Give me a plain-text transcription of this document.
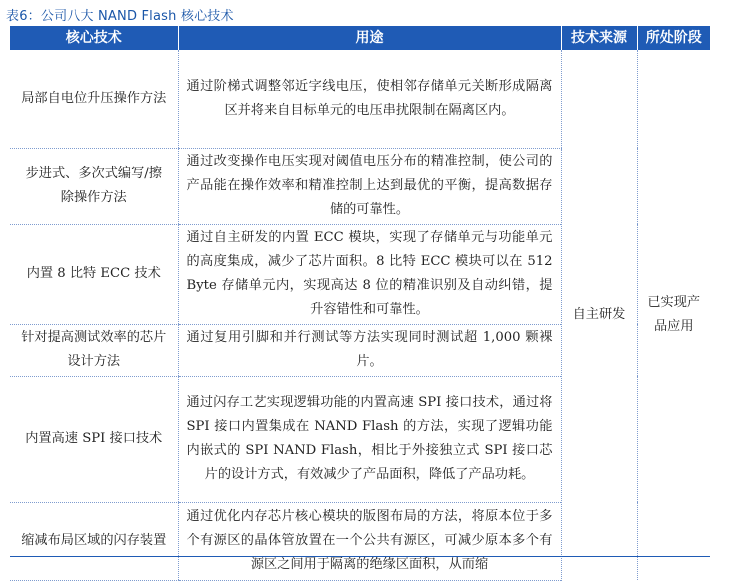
表6：公司八大 NAND Flash 核心技术
核心技术	用途	技术来源	所处阶段
局部自电位升压操作方法	通过阶梯式调整邻近字线电压，使相邻存储单元关断形成隔离区并将来自目标单元的电压串扰限制在隔离区内。	自主研发	已实现产品应用
步进式、多次式编写/擦除操作方法	通过改变操作电压实现对阈值电压分布的精准控制，使公司的产品能在操作效率和精准控制上达到最优的平衡，提高数据存储的可靠性。		
内置 8 比特 ECC 技术	通过自主研发的内置 ECC 模块，实现了存储单元与功能单元的高度集成，减少了芯片面积。8 比特 ECC 模块可以在 512 Byte 存储单元内，实现高达 8 位的精准识别及自动纠错，提升容错性和可靠性。		
针对提高测试效率的芯片设计方法	通过复用引脚和并行测试等方法实现同时测试超 1,000 颗裸片。		
内置高速 SPI 接口技术	通过闪存工艺实现逻辑功能的内置高速 SPI 接口技术，通过将 SPI 接口内置集成在 NAND Flash 的方法，实现了逻辑功能内嵌式的 SPI NAND Flash，相比于外接独立式 SPI 接口芯片的设计方式，有效减少了产品面积，降低了产品功耗。		
缩减布局区域的闪存装置	通过优化内存芯片核心模块的版图布局的方法，将原本位于多个有源区的晶体管放置在一个公共有源区，可减少原本多个有源区之间用于隔离的绝缘区面积，从而缩		
